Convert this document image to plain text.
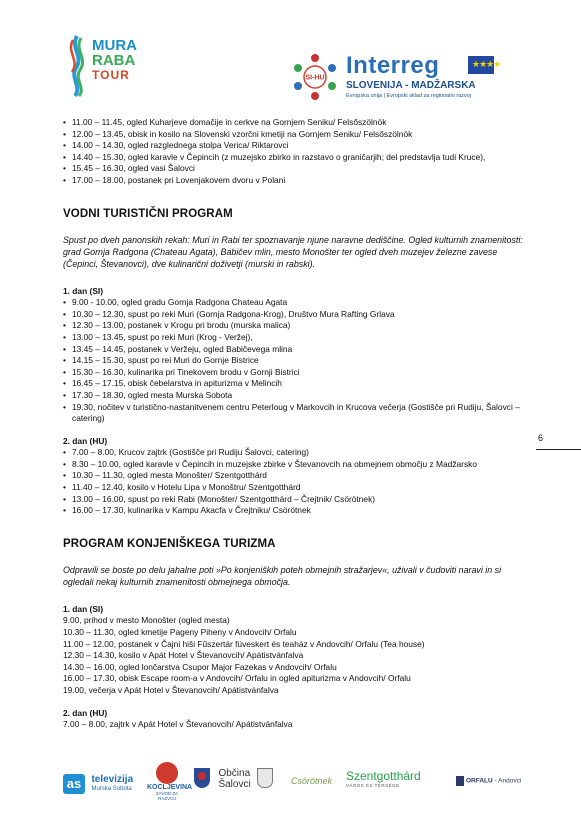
MURA
RABA
TOUR	SI-HU Interreg	★★★★
SLOVENIJA - MADŽARSKA
Evropska unija | Evropski sklad za regionalni razvoj
• 11.00 – 11.45, ogled Kuharjeve domačije in cerkve na Gornjem Seniku/ Felsőszölnök
• 12.00 – 13.45, obisk in kosilo na Slovenski vzorčni kmetiji na Gornjem Seniku/ Felsőszölnök
• 14.00 – 14.30, ogled razglednega stolpa Verica/ Riktarovci
• 14.40 – 15.30, ogled karavle v Čepincih (z muzejsko zbirko in razstavo o graničarjih; del predstavlja tudi Kruce),
• 15.45 – 16.30, ogled vasi Šalovci
• 17.00 – 18.00, postanek pri Lovenjakovem dvoru v Polani
VODNI TURISTIČNI PROGRAM

Spust po dveh panonskih rekah: Muri in Rabi ter spoznavanje njune naravne dediščine. Ogled kulturnih znamenitosti: grad Gornja Radgona (Chateau Agata), Babičev mlin, mesto Monošter ter ogled dveh muzejev železne zavese (Čepinci, Števanovci), dve kulinarični doživetji (murski in rabski).

1. dan (SI)
• 9.00 - 10.00, ogled gradu Gornja Radgona Chateau Agata
• 10.30 – 12.30, spust po reki Muri (Gornja Radgona-Krog), Društvo Mura Rafting Grlava
• 12.30 – 13.00, postanek v Krogu pri brodu (murska malica)
• 13.00 – 13.45, spust po reki Muri (Krog - Veržej),
• 13.45 – 14.45, postanek v Veržeju, ogled Babičevega mlina
• 14.15 – 15.30, spust po rei Muri do Gornje Bistrice
• 15.30 – 16.30, kulinarika pri Tinekovem brodu v Gornji Bistrici
• 16.45 – 17.15, obisk čebelarstva in apiturizma v Melincih
• 17.30 – 18.30, ogled mesta Murska Sobota
• 19.30, nočitev v turistično-nastanitvenem centru Peterloug v Markovcih in Krucova večerja (Gostišče pri Rudiju, Šalovci – catering)
2. dan (HU)
• 7.00 – 8.00, Krucov zajtrk (Gostišče pri Rudiju Šalovci, catering)
• 8.30 – 10.00, ogled karavle v Čepincih in muzejske zbirke v Števanovcih na obmejnem območju z Madžarsko
• 10.30 – 11.30, ogled mesta Monošter/ Szentgotthárd
• 11.40 – 12.40, kosilo v Hotelu Lipa v Monoštru/ Szentgotthárd
• 13.00 – 16.00, spust po reki Rabi (Monošter/ Szentgotthárd – Črejtnik/ Csörötnek)
• 16.00 – 17.30, kulinarika v Kampu Akacfa v Črejtniku/ Csörötnek
PROGRAM KONJENIŠKEGA TURIZMA

Odpravili se boste po delu jahalne poti »Po konjeniških poteh obmejnih stražarjev«, uživali v čudoviti naravi in si ogledali nekaj kulturnih znamenitosti obmejnega območja.

1. dan (SI)
9.00, prihod v mesto Monošter (ogled mesta)
10.30 – 11.30, ogled kmetije Pageny Piheny v Andovcih/ Orfalu
11.00 – 12.00, postanek v Čajni hiši Fűszertár füveskert és teaház v Andovcih/ Orfalu (Tea house)
12.30 – 14.30, kosilo v Apát Hotel v Števanovcih/ Apátistvánfalva
14.30 – 16.00, ogled lončarstva Csupor Major Fazekas v Andovcih/ Orfalu
16.00 – 17.30, obisk Escape room-a v Andovcih/ Orfalu in ogled apiturizma v Andovcih/ Orfalu
19.00, večerja v Apát Hotel v Števanovcih/ Apátistvánfalva
2. dan (HU)
7.00 – 8.00, zajtrk v Apát Hotel v Števanovcih/ Apátistvánfalva
6
as televizija
Murska Sobota KOCLJEVINA
ZAVOD ZA RAZVOJ

Občina
Šalovci	Csörötnek Szentgotthárd
VÁROS ÉS TÉRSÉGE
ORFALU - Andovci
